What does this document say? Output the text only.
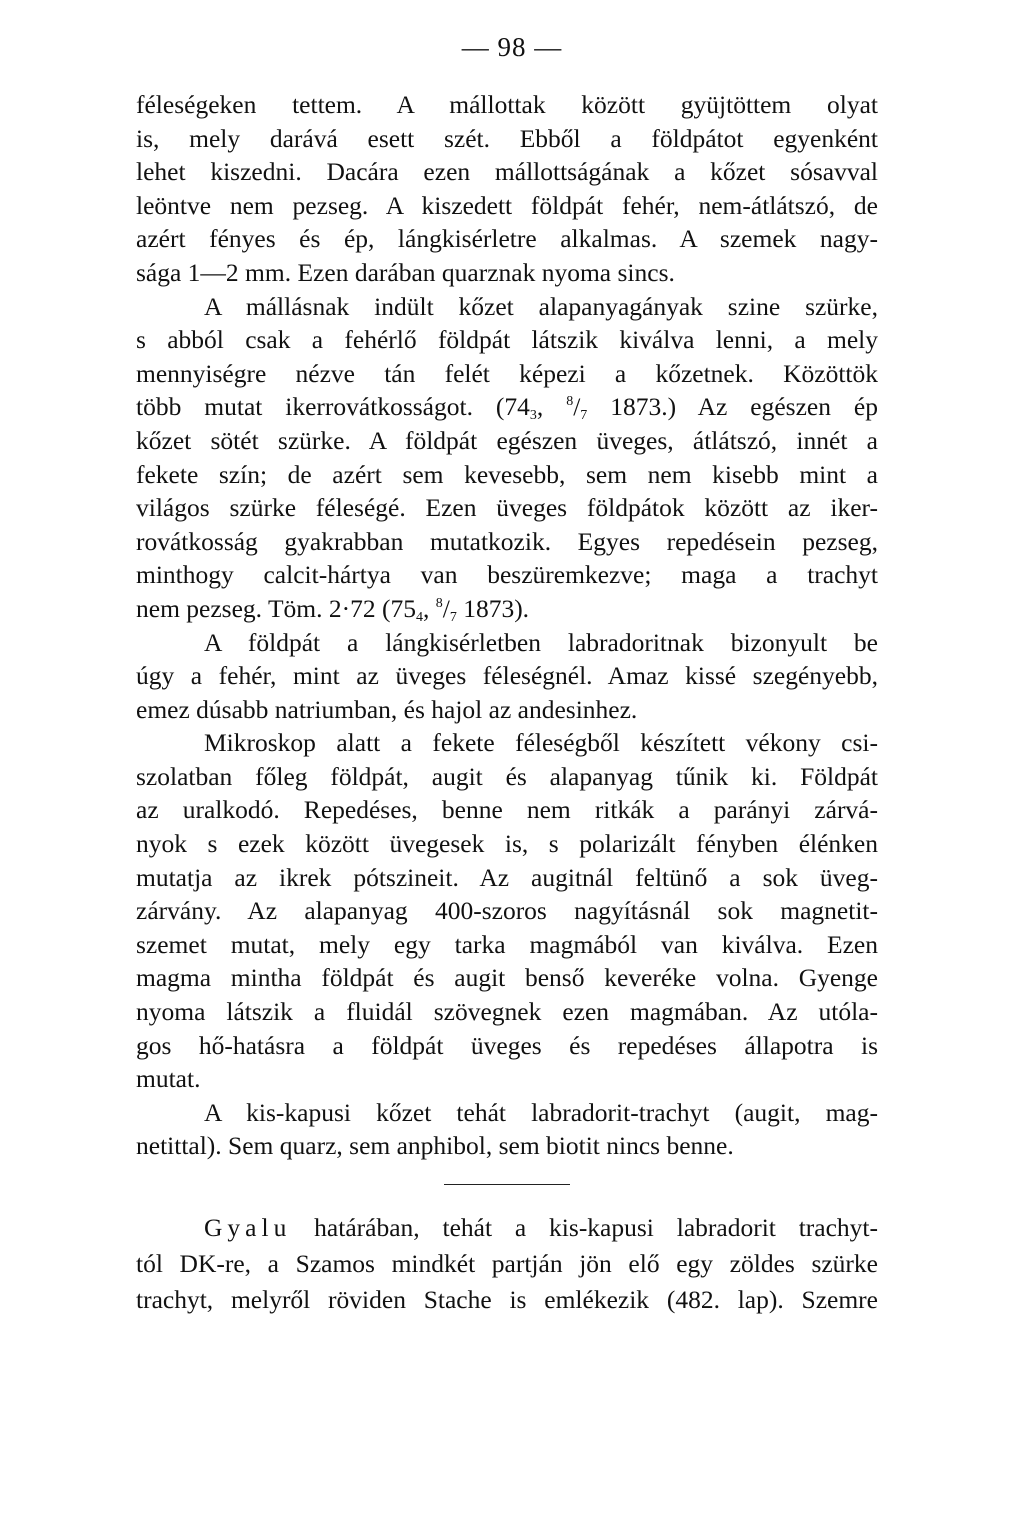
— 98 —
féleségeken tettem. A mállottak között gyüjtöttem olyat
is, mely darává esett szét. Ebből a földpátot egyenként
lehet kiszedni. Dacára ezen mállottságának a kőzet sósavval
leöntve nem pezseg. A kiszedett földpát fehér, nem-átlátszó, de
azért fényes és ép, lángkisérletre alkalmas. A szemek nagy-
sága 1—2 mm. Ezen darában quarznak nyoma sincs.
A mállásnak indült kőzet alapanyagányak szine szürke,
s abból csak a fehérlő földpát látszik kiválva lenni, a mely
mennyiségre nézve tán felét képezi a kőzetnek. Közöttök
több mutat ikerrovátkosságot. ($74_3$, $^8/_7$ 1873.) Az egészen ép
kőzet sötét szürke. A földpát egészen üveges, átlátszó, innét a
fekete szín; de azért sem kevesebb, sem nem kisebb mint a
világos szürke féleségé. Ezen üveges földpátok között az iker-
rovátkosság gyakrabban mutatkozik. Egyes repedésein pezseg,
minthogy calcit-hártya van beszüremkezve; maga a trachyt
nem pezseg. Töm. 2·72 ($75_4$, $^8/_7$ 1873).
A földpát a lángkisérletben labradoritnak bizonyult be
úgy a fehér, mint az üveges féleségnél. Amaz kissé szegényebb,
emez dúsabb natriumban, és hajol az andesinhez.
Mikroskop alatt a fekete féleségből készített vékony csi-
szolatban főleg földpát, augit és alapanyag tűnik ki. Földpát
az uralkodó. Repedéses, benne nem ritkák a parányi zárvá-
nyok s ezek között üvegesek is, s polarizált fényben élénken
mutatja az ikrek pótszineit. Az augitnál feltünő a sok üveg-
zárvány. Az alapanyag 400-szoros nagyításnál sok magnetit-
szemet mutat, mely egy tarka magmából van kiválva. Ezen
magma mintha földpát és augit benső keveréke volna. Gyenge
nyoma látszik a fluidál szövegnek ezen magmában. Az utóla-
gos hő-hatásra a földpát üveges és repedéses állapotra is
mutat.
A kis-kapusi kőzet tehát labradorit-trachyt (augit, mag-
netittal). Sem quarz, sem anphibol, sem biotit nincs benne.
Gyalu határában, tehát a kis-kapusi labradorit trachyt-
tól DK-re, a Szamos mindkét partján jön elő egy zöldes szürke
trachyt, melyről röviden Stache is emlékezik (482. lap). Szemre
